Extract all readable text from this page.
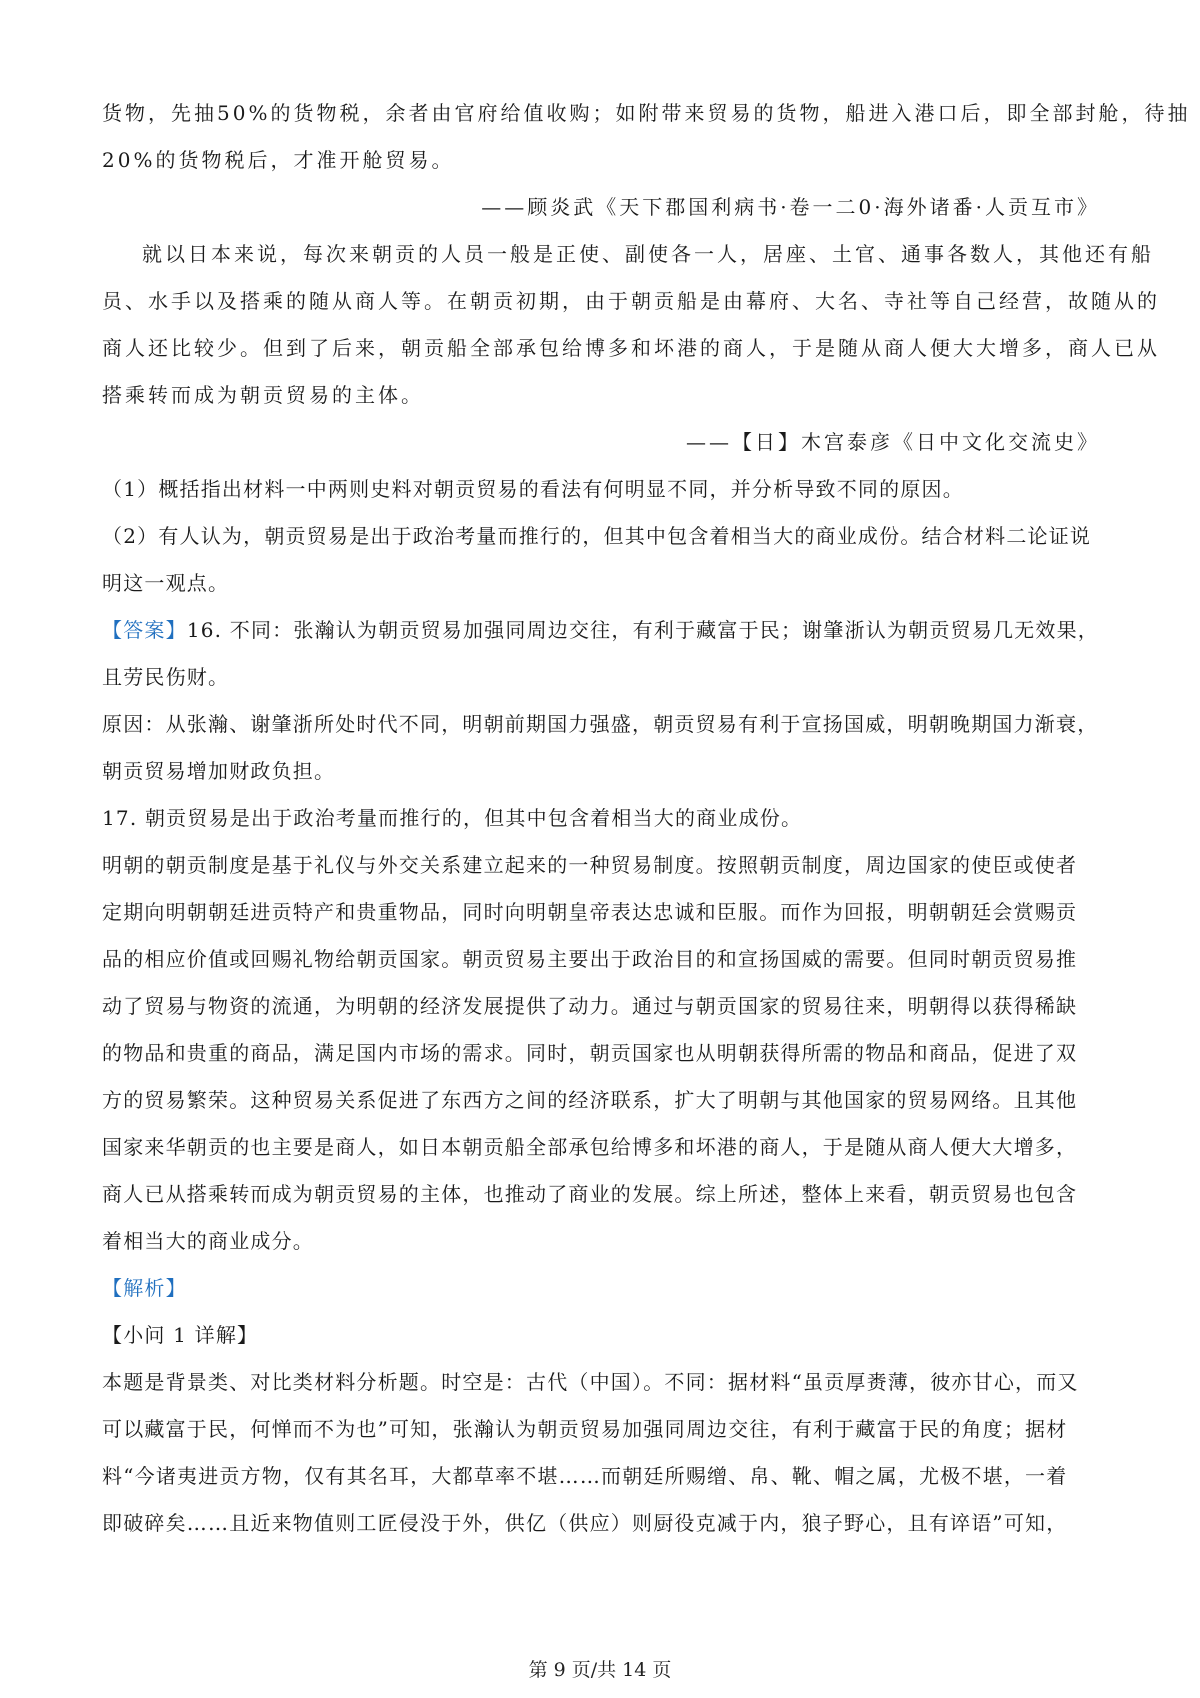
货物，先抽50%的货物税，余者由官府给值收购；如附带来贸易的货物，船进入港口后，即全部封舱，待抽
20%的货物税后，才准开舱贸易。
——顾炎武《天下郡国利病书·卷一二0·海外诸番·人贡互市》
就以日本来说，每次来朝贡的人员一般是正使、副使各一人，居座、土官、通事各数人，其他还有船
员、水手以及搭乘的随从商人等。在朝贡初期，由于朝贡船是由幕府、大名、寺社等自己经营，故随从的
商人还比较少。但到了后来，朝贡船全部承包给博多和坏港的商人，于是随从商人便大大增多，商人已从
搭乘转而成为朝贡贸易的主体。
——【日】木宫泰彦《日中文化交流史》
（1）概括指出材料一中两则史料对朝贡贸易的看法有何明显不同，并分析导致不同的原因。
（2）有人认为，朝贡贸易是出于政治考量而推行的，但其中包含着相当大的商业成份。结合材料二论证说
明这一观点。
【答案】16. 不同：张瀚认为朝贡贸易加强同周边交往，有利于藏富于民；谢肇浙认为朝贡贸易几无效果，
且劳民伤财。
原因：从张瀚、谢肇浙所处时代不同，明朝前期国力强盛，朝贡贸易有利于宣扬国威，明朝晚期国力渐衰，
朝贡贸易增加财政负担。
17. 朝贡贸易是出于政治考量而推行的，但其中包含着相当大的商业成份。
明朝的朝贡制度是基于礼仪与外交关系建立起来的一种贸易制度。按照朝贡制度，周边国家的使臣或使者
定期向明朝朝廷进贡特产和贵重物品，同时向明朝皇帝表达忠诚和臣服。而作为回报，明朝朝廷会赏赐贡
品的相应价值或回赐礼物给朝贡国家。朝贡贸易主要出于政治目的和宣扬国威的需要。但同时朝贡贸易推
动了贸易与物资的流通，为明朝的经济发展提供了动力。通过与朝贡国家的贸易往来，明朝得以获得稀缺
的物品和贵重的商品，满足国内市场的需求。同时，朝贡国家也从明朝获得所需的物品和商品，促进了双
方的贸易繁荣。这种贸易关系促进了东西方之间的经济联系，扩大了明朝与其他国家的贸易网络。且其他
国家来华朝贡的也主要是商人，如日本朝贡船全部承包给博多和坏港的商人，于是随从商人便大大增多，
商人已从搭乘转而成为朝贡贸易的主体，也推动了商业的发展。综上所述，整体上来看，朝贡贸易也包含
着相当大的商业成分。
【解析】
【小问 1 详解】
本题是背景类、对比类材料分析题。时空是：古代（中国）。不同：据材料“虽贡厚赉薄，彼亦甘心，而又
可以藏富于民，何惮而不为也”可知，张瀚认为朝贡贸易加强同周边交往，有利于藏富于民的角度；据材
料“今诸夷进贡方物，仅有其名耳，大都草率不堪……而朝廷所赐缯、帛、靴、帽之属，尤极不堪，一着
即破碎矣……且近来物值则工匠侵没于外，供亿（供应）则厨役克减于内，狼子野心，且有谇语”可知，
第 9 页/共 14 页
